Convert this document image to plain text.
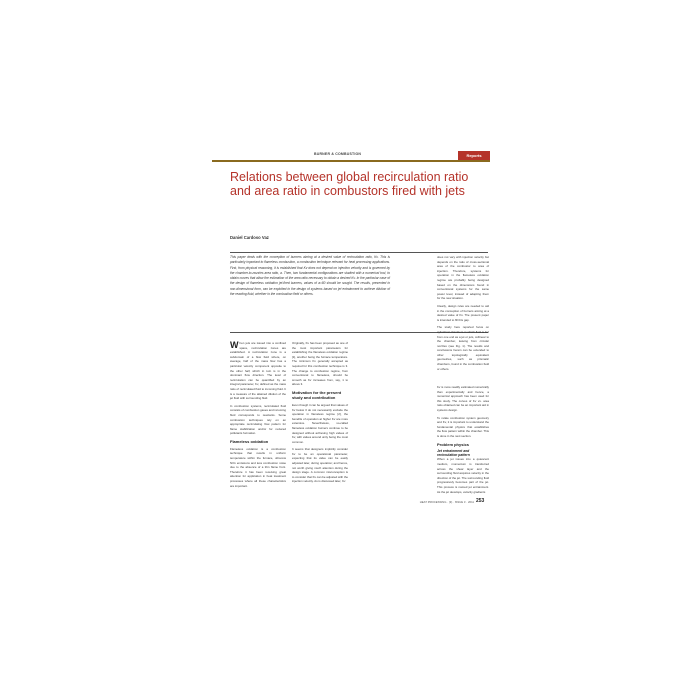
BURNER & COMBUSTION	Reports
Relations between global recirculation ratio and area ratio in combustors fired with jets
Daniel Cardoso Vaz

This paper deals with the conception of burners aiming at a desired value of recirculation ratio, Kv. This is particularly important to flameless combustion, a combustion technique relevant for heat processing applications. First, from physical reasoning, it is established that Kv does not depend on injection velocity and is governed by the chamber-to-nozzles area ratio, a. Then, two fundamental configurations are studied with a numerical tool, to obtain curves that allow the estimation of the area ratio necessary to obtain a desired Kv. In the particular case of the design of flameless oxidation jet-fired burners, values of a=80 should be sought. The results, presented in non-dimensional form, can be exploited in the design of systems based on jet entrainment to achieve dilution of the reacting fluid, whether in the combustion field or others.

When jets are issued into a confined space, recirculation zones are established. A recirculation zone is a subdomain of a flow field where, on average, half of the mass flow has a particular velocity component opposite to the other half, which in turn is in the dominant flow direction. The level of recirculation can be quantified by an integral parameter, Kv, defined as the mass ratio of recirculated fluid to incoming fluid. It is a measure of the attained dilution of the jet fluid with surrounding fluid.

In combustion systems, recirculated fluid consists of combustion gases and incoming fluid corresponds to reactants. Some combustion techniques rely on an appropriate recirculating flow pattern for flame stabilization and/or for reduced pollutants formation.

Flameless oxidation

Flameless oxidation is a combustion technique that results in uniform temperature within the furnace, ultra-low NOx emissions and less combustion noise due to the absence of a thin flame front. Therefore it has been receiving great attention for application in heat treatment processes where all these characteristics are important.

Originally, Kv has been proposed as one of the most important parameters for establishing the flameless oxidation regime [1], another being the furnace temperature. The minimum Kv generally accepted as required for this combustion technique is 3. The change to combustion regime, from conventional to flameless, should be smooth as Kv increases from, say, 1 to above 3.

Motivation for the present study and contribution

Even though it can be argued that values of Kv below 3 do not necessarily exclude the operation in flameless regime [2], the benefits of operation at higher Kv are more extensive. Nevertheless, so-called flameless oxidation burners continue to be designed without achieving high values of Kv, with values around unity being the most common.

It seems that designers implicitly consider Kv to be an operational parameter, expecting that its value can be easily adjusted later, during operation; and hence, not worth giving much attention during the design stage. A common misconception is to consider that Kv can be adjusted with the injection velocity. As is discussed later, Kv

does not vary with injection velocity but depends on the ratio of cross-sectional area of the combustor to area of injection. Therefore, systems for operation in the flameless oxidation regime are probably being designed based on the dimensions found in conventional systems for the same power level, instead of adapting them for the new situation.

Clearly, design rules are needed to aid in the conception of burners aiming at a desired value of Kv. The present paper is intended to fill this gap.

The study here reported focus on cylindrical chambers in which fluid is fed from one end as a jet or jets, collinear to the chamber, leaving from circular nozzles (see Fig. 1). The results and conclusions herein can be extended to other topologically equivalent geometries, such as prismatic chambers, found in the combustion field or others.

Kv is more readily estimated numerically than experimentally and hence, a numerical approach has been used for this study. The curves of Kv vs. area ratio obtained can be an important aid in systems design.

To relate combustion system geometry and Kv, it is important to understand the fundamental physics that establishes the flow pattern within the chamber. This is done in the next section.

Problem physics
Jet entrainment and recirculation pattern

When a jet issues into a quiescent medium, momentum is transferred across the shear layer and the surrounding fluid acquires velocity in the direction of the jet. The surrounding fluid progressively becomes part of the jet. This process is named jet entrainment. As the jet develops, velocity gradients

HEAT PROCESSING · (9) · ISSUE 3 · 2011 253
